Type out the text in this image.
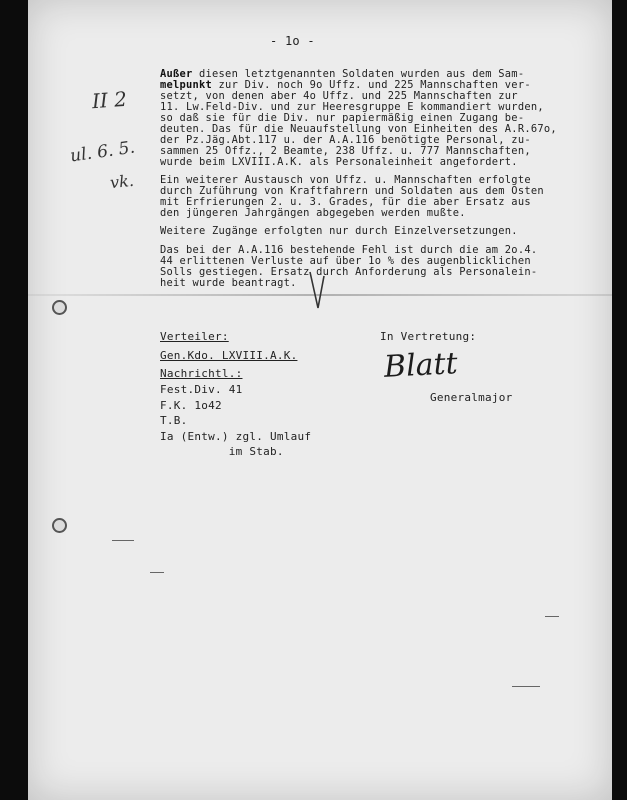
- 1o -
II 2
ul. 6. 5.
vk.
Außer diesen letztgenannten Soldaten wurden aus dem Sam-
melpunkt zur Div. noch 9o Uffz. und 225 Mannschaften ver-
setzt, von denen aber 4o Uffz. und 225 Mannschaften zur
11. Lw.Feld-Div. und zur Heeresgruppe E kommandiert wurden,
so daß sie für die Div. nur papiermäßig einen Zugang be-
deuten. Das für die Neuaufstellung von Einheiten des A.R.67o,
der Pz.Jäg.Abt.117 u. der A.A.116 benötigte Personal, zu-
sammen 25 Offz., 2 Beamte, 238 Uffz. u. 777 Mannschaften,
wurde beim LXVIII.A.K. als Personaleinheit angefordert.
Ein weiterer Austausch von Uffz. u. Mannschaften erfolgte
durch Zuführung von Kraftfahrern und Soldaten aus dem Osten
mit Erfrierungen 2. u. 3. Grades, für die aber Ersatz aus
den jüngeren Jahrgängen abgegeben werden mußte.
Weitere Zugänge erfolgten nur durch Einzelversetzungen.
Das bei der A.A.116 bestehende Fehl ist durch die am 2o.4.
44 erlittenen Verluste auf über 1o % des augenblicklichen
Solls gestiegen. Ersatz durch Anforderung als Personalein-
heit wurde beantragt.
Verteiler:
Gen.Kdo. LXVIII.A.K.
Nachrichtl.:
Fest.Div. 41
F.K. 1o42
T.B.
Ia (Entw.) zgl. Umlauf
im Stab.
In Vertretung:
Blatt
Generalmajor
